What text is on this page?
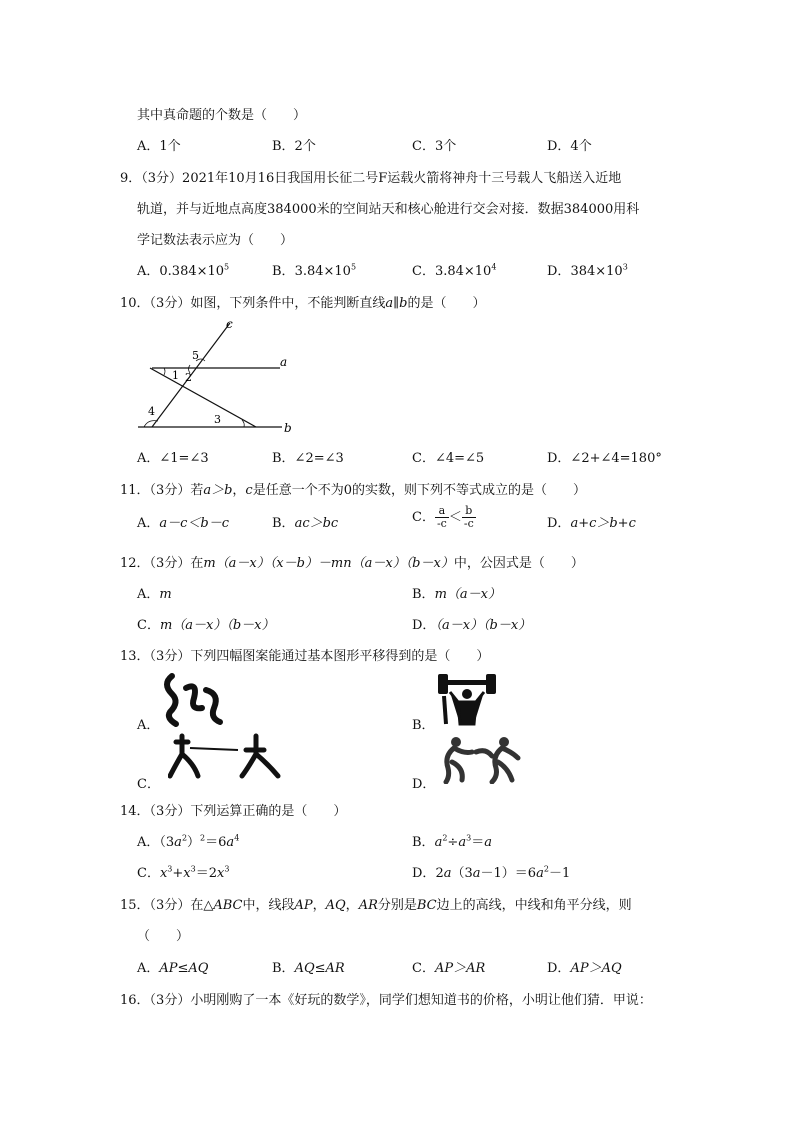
其中真命题的个数是（　　）
A．1个	B．2个	C．3个	D．4个
9．（3分）2021年10月16日我国用长征二号F运载火箭将神舟十三号载人飞船送入近地
轨道，并与近地点高度384000米的空间站天和核心舱进行交会对接．数据384000用科
学记数法表示应为（　　）
A．$0.384\times 10^5$	B．$3.84\times 10^5$	C．$3.84\times 10^4$	D．$384\times 10^3$
10．（3分）如图，下列条件中，不能判断直线a∥b的是（　　）
c
a
b
1 2
3
4
5
A．∠1=∠3	B．∠2=∠3	C．∠4=∠5	D．∠2+∠4=180°
11．（3分）若a＞b，c是任意一个不为0的实数，则下列不等式成立的是（　　）
A．a－c＜b－c	B．ac＞bc	C． $\frac{a}{-c} < \frac{b}{-c}$	D．a+c＞b+c
12．（3分）在m（a－x）（x－b）－mn（a－x）（b－x）中，公因式是（　　）
A．m	B．m（a－x）
C．m（a－x）（b－x）	D．（a－x）（b－x）
13．（3分）下列四幅图案能通过基本图形平移得到的是（　　）
A．	B．
C．	D．
14．（3分）下列运算正确的是（　　）
A．$(3a^2)^2=6a^4$	B．$a^2\div a^3=a$
C．$x^3+x^3=2x^3$	D．$2a(3a-1)=6a^2-1$
15．（3分）在△ABC中，线段AP，AQ，AR分别是BC边上的高线，中线和角平分线，则
（　　）
A．AP≤AQ	B．AQ≤AR	C．AP＞AR	D．AP＞AQ
16．（3分）小明刚购了一本《好玩的数学》，同学们想知道书的价格，小明让他们猜．甲说：
